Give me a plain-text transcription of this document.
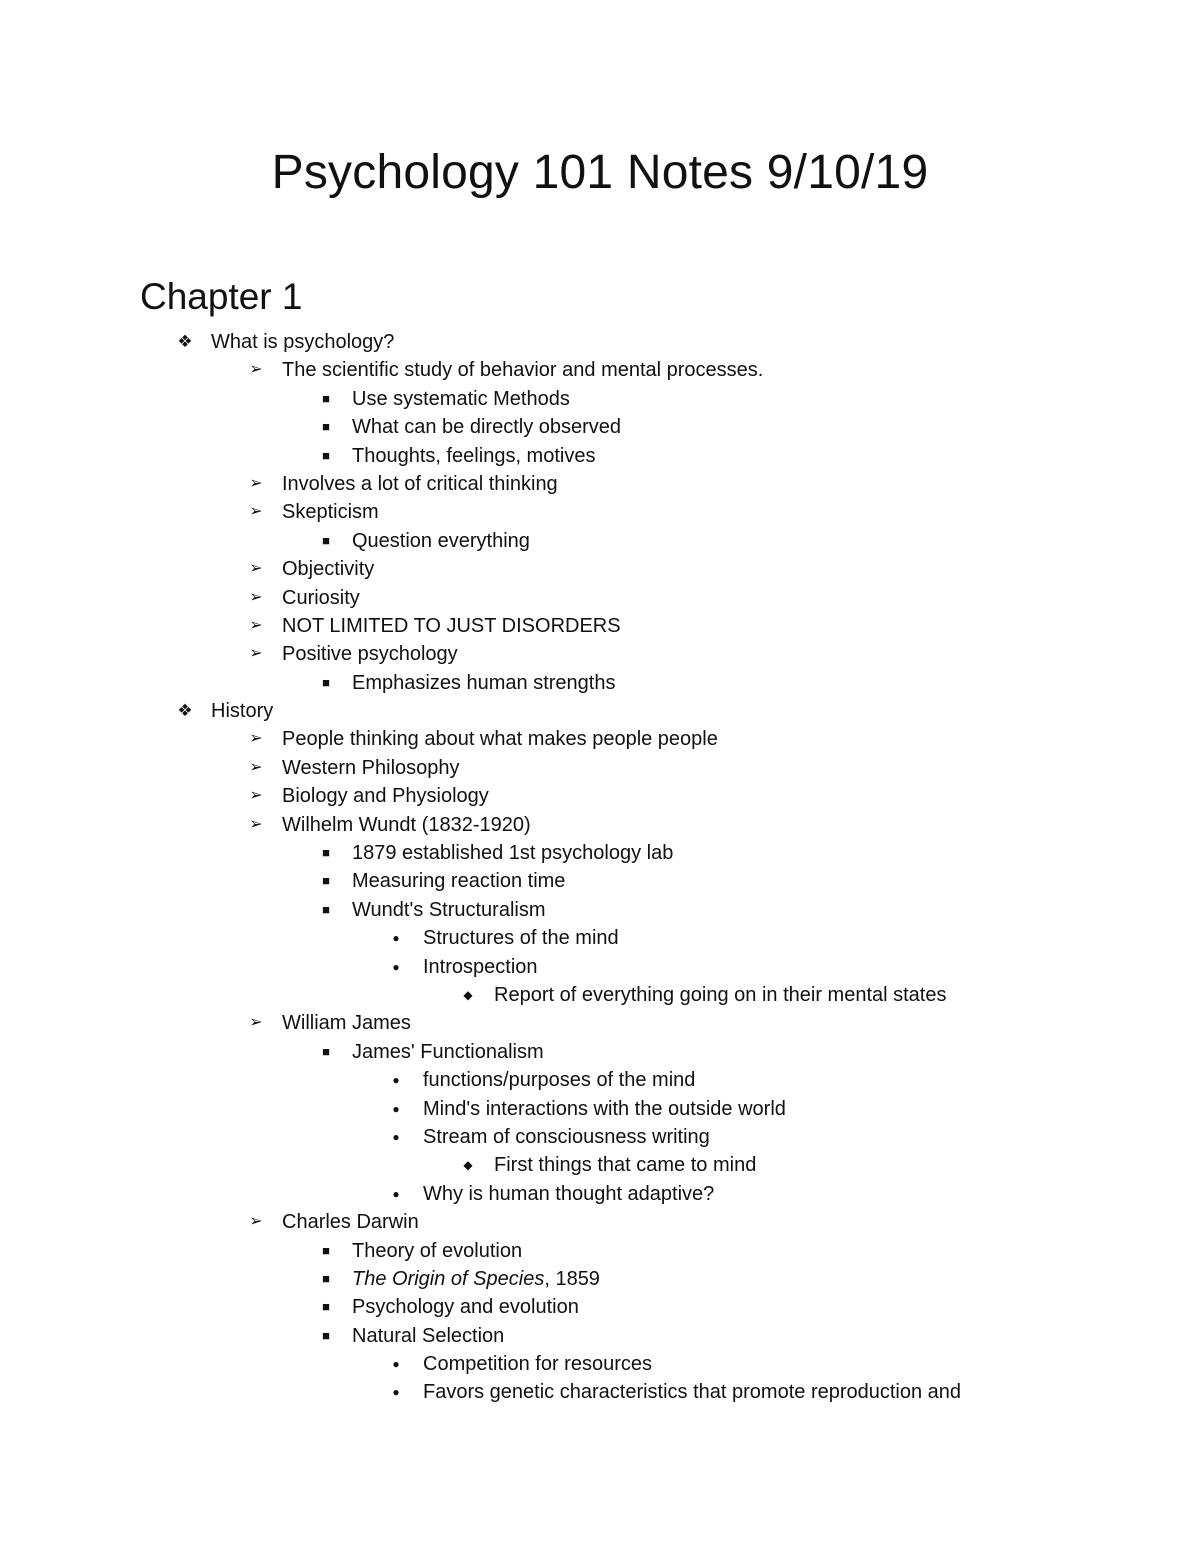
Psychology 101 Notes 9/10/19
Chapter 1
❖ What is psychology?
➢ The scientific study of behavior and mental processes.
■	Use systematic Methods
■	What can be directly observed
■	Thoughts, feelings, motives
➢ Involves a lot of critical thinking
➢ Skepticism
■	Question everything
➢ Objectivity
➢ Curiosity
➢ NOT LIMITED TO JUST DISORDERS
➢ Positive psychology
■	Emphasizes human strengths
❖ History
➢ People thinking about what makes people people
➢ Western Philosophy
➢ Biology and Physiology
➢ Wilhelm Wundt (1832-1920)
■	1879 established 1st psychology lab
■	Measuring reaction time
■	Wundt's Structuralism
●	Structures of the mind
●	Introspection
◆ Report of everything going on in their mental states
➢ William James
■	James' Functionalism
●	functions/purposes of the mind
●	Mind's interactions with the outside world
●	Stream of consciousness writing
◆ First things that came to mind
●	Why is human thought adaptive?
➢ Charles Darwin
■	Theory of evolution
■	The Origin of Species, 1859
■	Psychology and evolution
■	Natural Selection
●	Competition for resources
●	Favors genetic characteristics that promote reproduction and
